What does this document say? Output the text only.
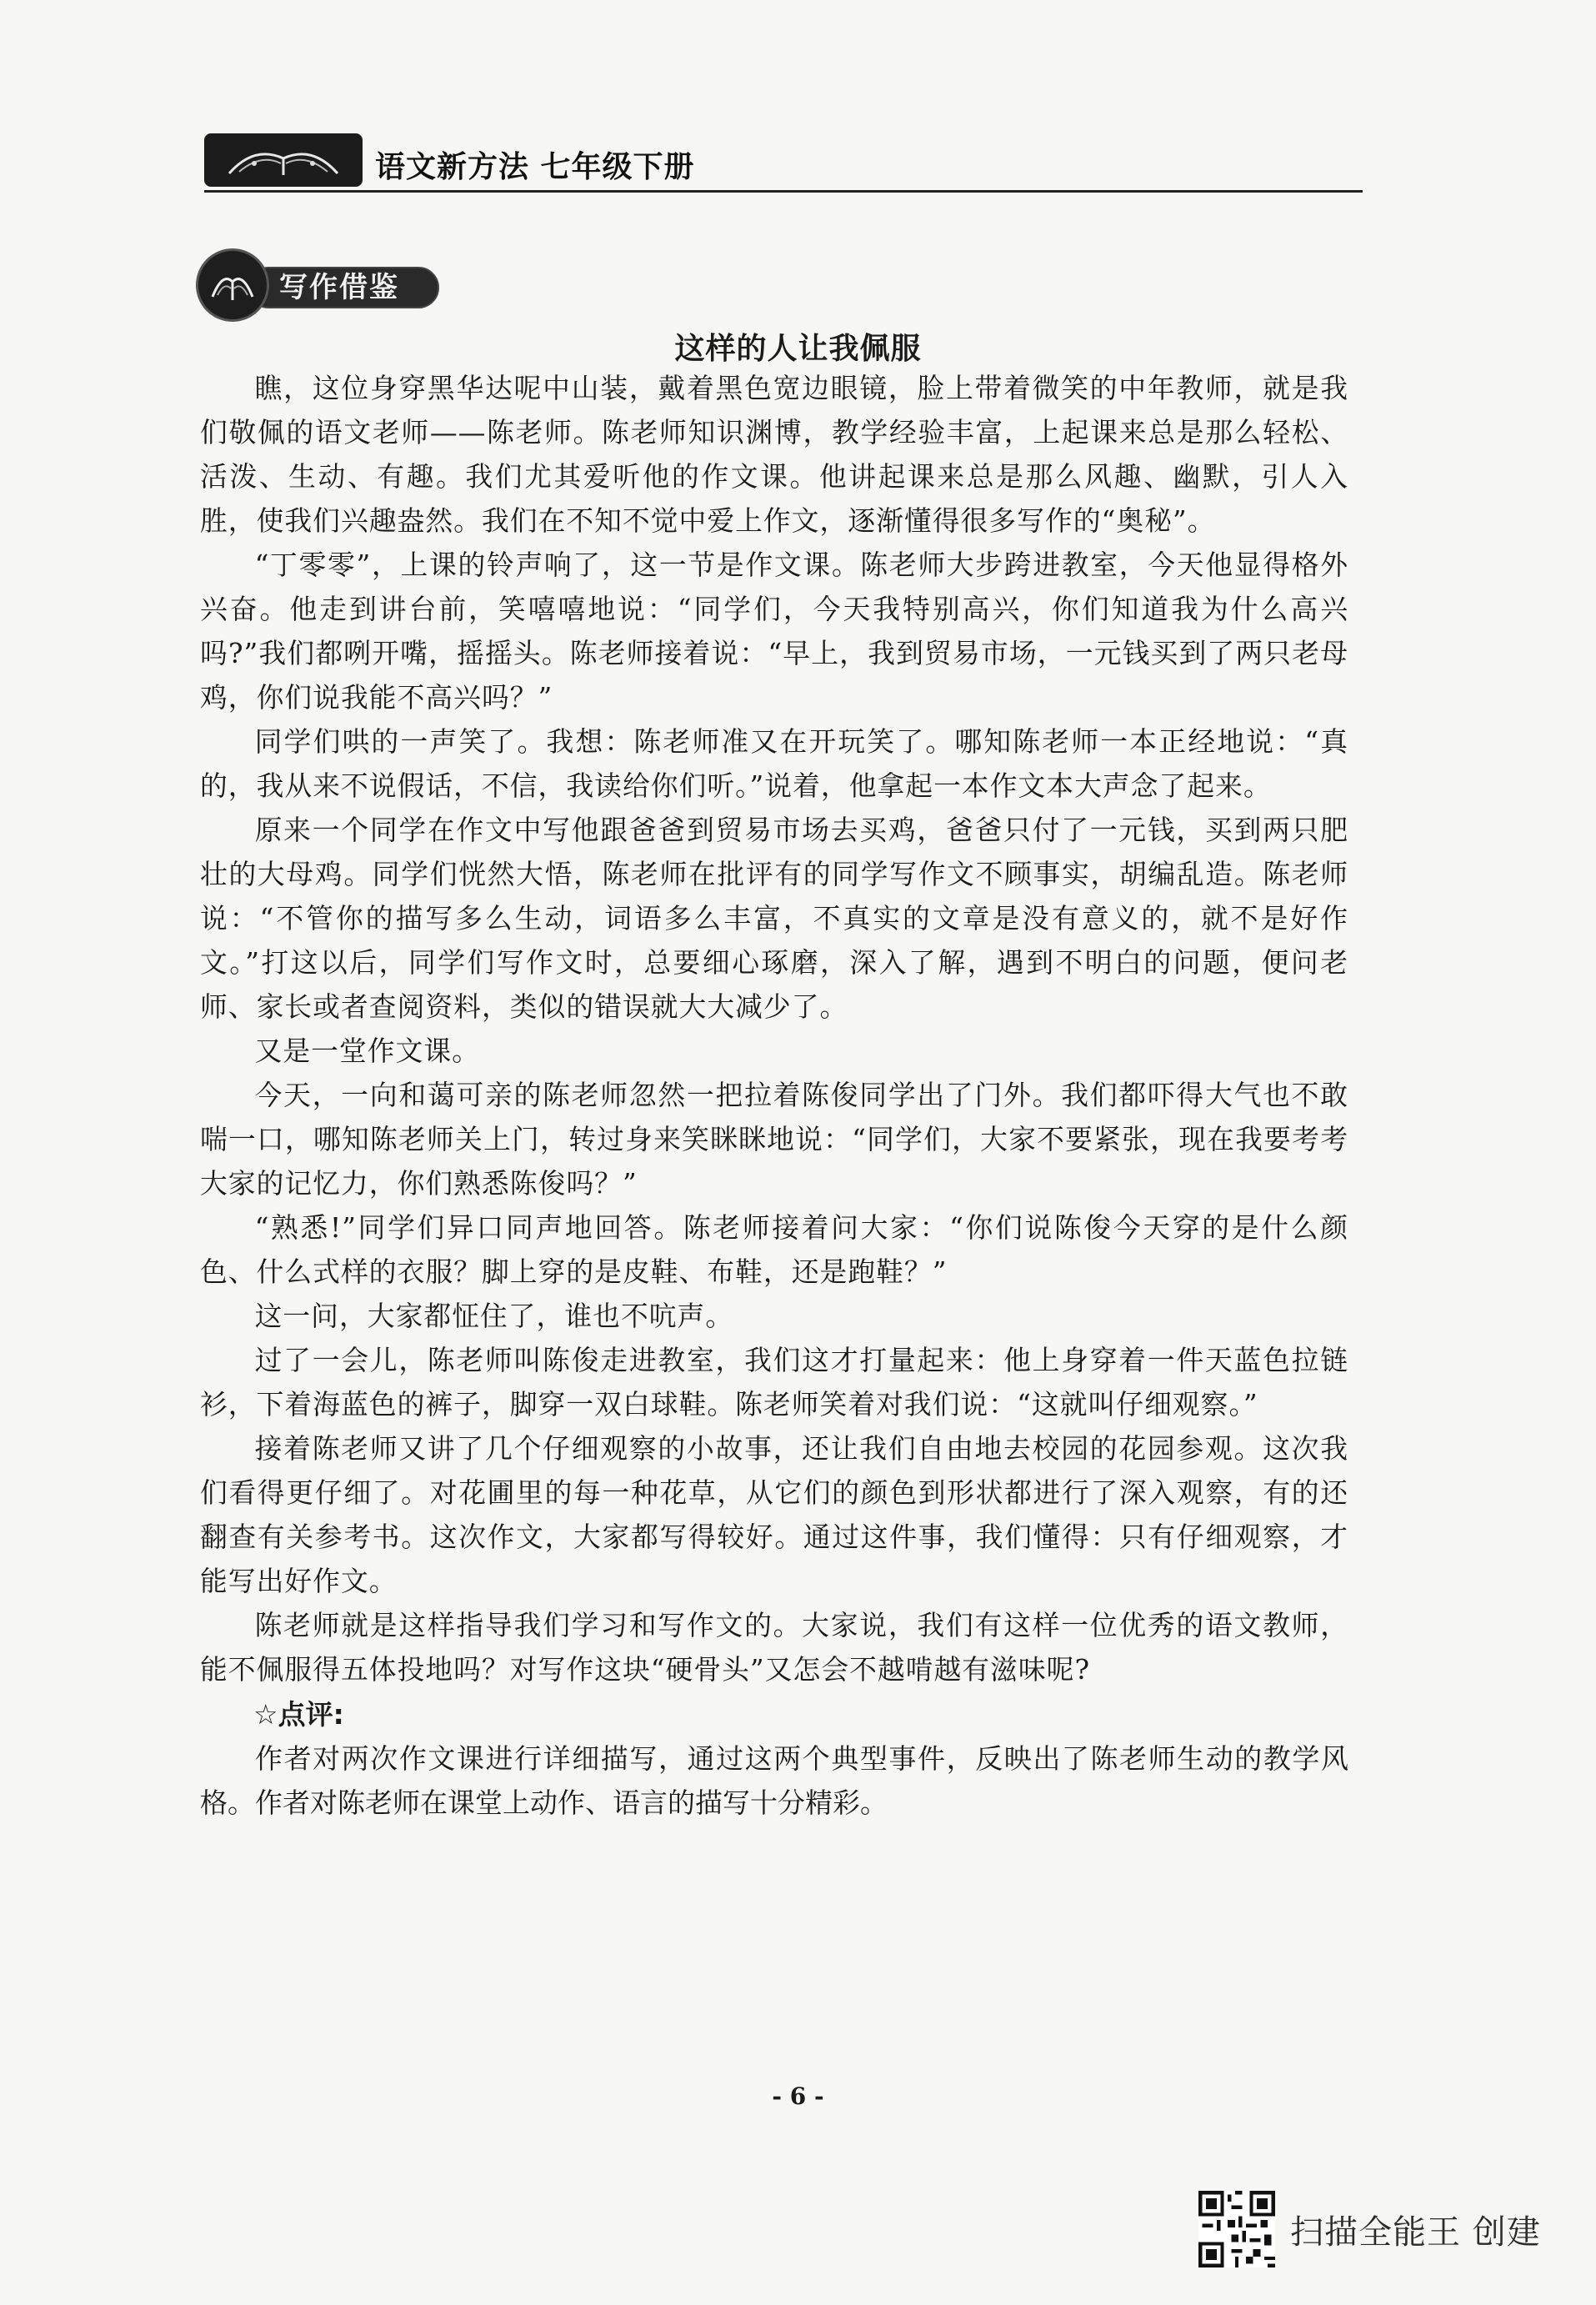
语文新方法 七年级下册
写作借鉴
这样的人让我佩服

瞧，这位身穿黑华达呢中山装，戴着黑色宽边眼镜，脸上带着微笑的中年教师，就是我们敬佩的语文老师——陈老师。陈老师知识渊博，教学经验丰富，上起课来总是那么轻松、活泼、生动、有趣。我们尤其爱听他的作文课。他讲起课来总是那么风趣、幽默，引人入胜，使我们兴趣盎然。我们在不知不觉中爱上作文，逐渐懂得很多写作的“奥秘”。

“丁零零”，上课的铃声响了，这一节是作文课。陈老师大步跨进教室，今天他显得格外兴奋。他走到讲台前，笑嘻嘻地说：“同学们，今天我特别高兴，你们知道我为什么高兴吗?”我们都咧开嘴，摇摇头。陈老师接着说：“早上，我到贸易市场，一元钱买到了两只老母鸡，你们说我能不高兴吗？”

同学们哄的一声笑了。我想：陈老师准又在开玩笑了。哪知陈老师一本正经地说：“真的，我从来不说假话，不信，我读给你们听。”说着，他拿起一本作文本大声念了起来。

原来一个同学在作文中写他跟爸爸到贸易市场去买鸡，爸爸只付了一元钱，买到两只肥壮的大母鸡。同学们恍然大悟，陈老师在批评有的同学写作文不顾事实，胡编乱造。陈老师说：“不管你的描写多么生动，词语多么丰富，不真实的文章是没有意义的，就不是好作文。”打这以后，同学们写作文时，总要细心琢磨，深入了解，遇到不明白的问题，便问老师、家长或者查阅资料，类似的错误就大大减少了。

又是一堂作文课。

今天，一向和蔼可亲的陈老师忽然一把拉着陈俊同学出了门外。我们都吓得大气也不敢喘一口，哪知陈老师关上门，转过身来笑眯眯地说：“同学们，大家不要紧张，现在我要考考大家的记忆力，你们熟悉陈俊吗？”

“熟悉!”同学们异口同声地回答。陈老师接着问大家：“你们说陈俊今天穿的是什么颜色、什么式样的衣服？脚上穿的是皮鞋、布鞋，还是跑鞋？”

这一问，大家都怔住了，谁也不吭声。

过了一会儿，陈老师叫陈俊走进教室，我们这才打量起来：他上身穿着一件天蓝色拉链衫，下着海蓝色的裤子，脚穿一双白球鞋。陈老师笑着对我们说：“这就叫仔细观察。”

接着陈老师又讲了几个仔细观察的小故事，还让我们自由地去校园的花园参观。这次我们看得更仔细了。对花圃里的每一种花草，从它们的颜色到形状都进行了深入观察，有的还翻查有关参考书。这次作文，大家都写得较好。通过这件事，我们懂得：只有仔细观察，才能写出好作文。

陈老师就是这样指导我们学习和写作文的。大家说，我们有这样一位优秀的语文教师，能不佩服得五体投地吗？对写作这块“硬骨头”又怎会不越啃越有滋味呢?

☆点评:
作者对两次作文课进行详细描写，通过这两个典型事件，反映出了陈老师生动的教学风格。作者对陈老师在课堂上动作、语言的描写十分精彩。
- 6 -
扫描全能王 创建
